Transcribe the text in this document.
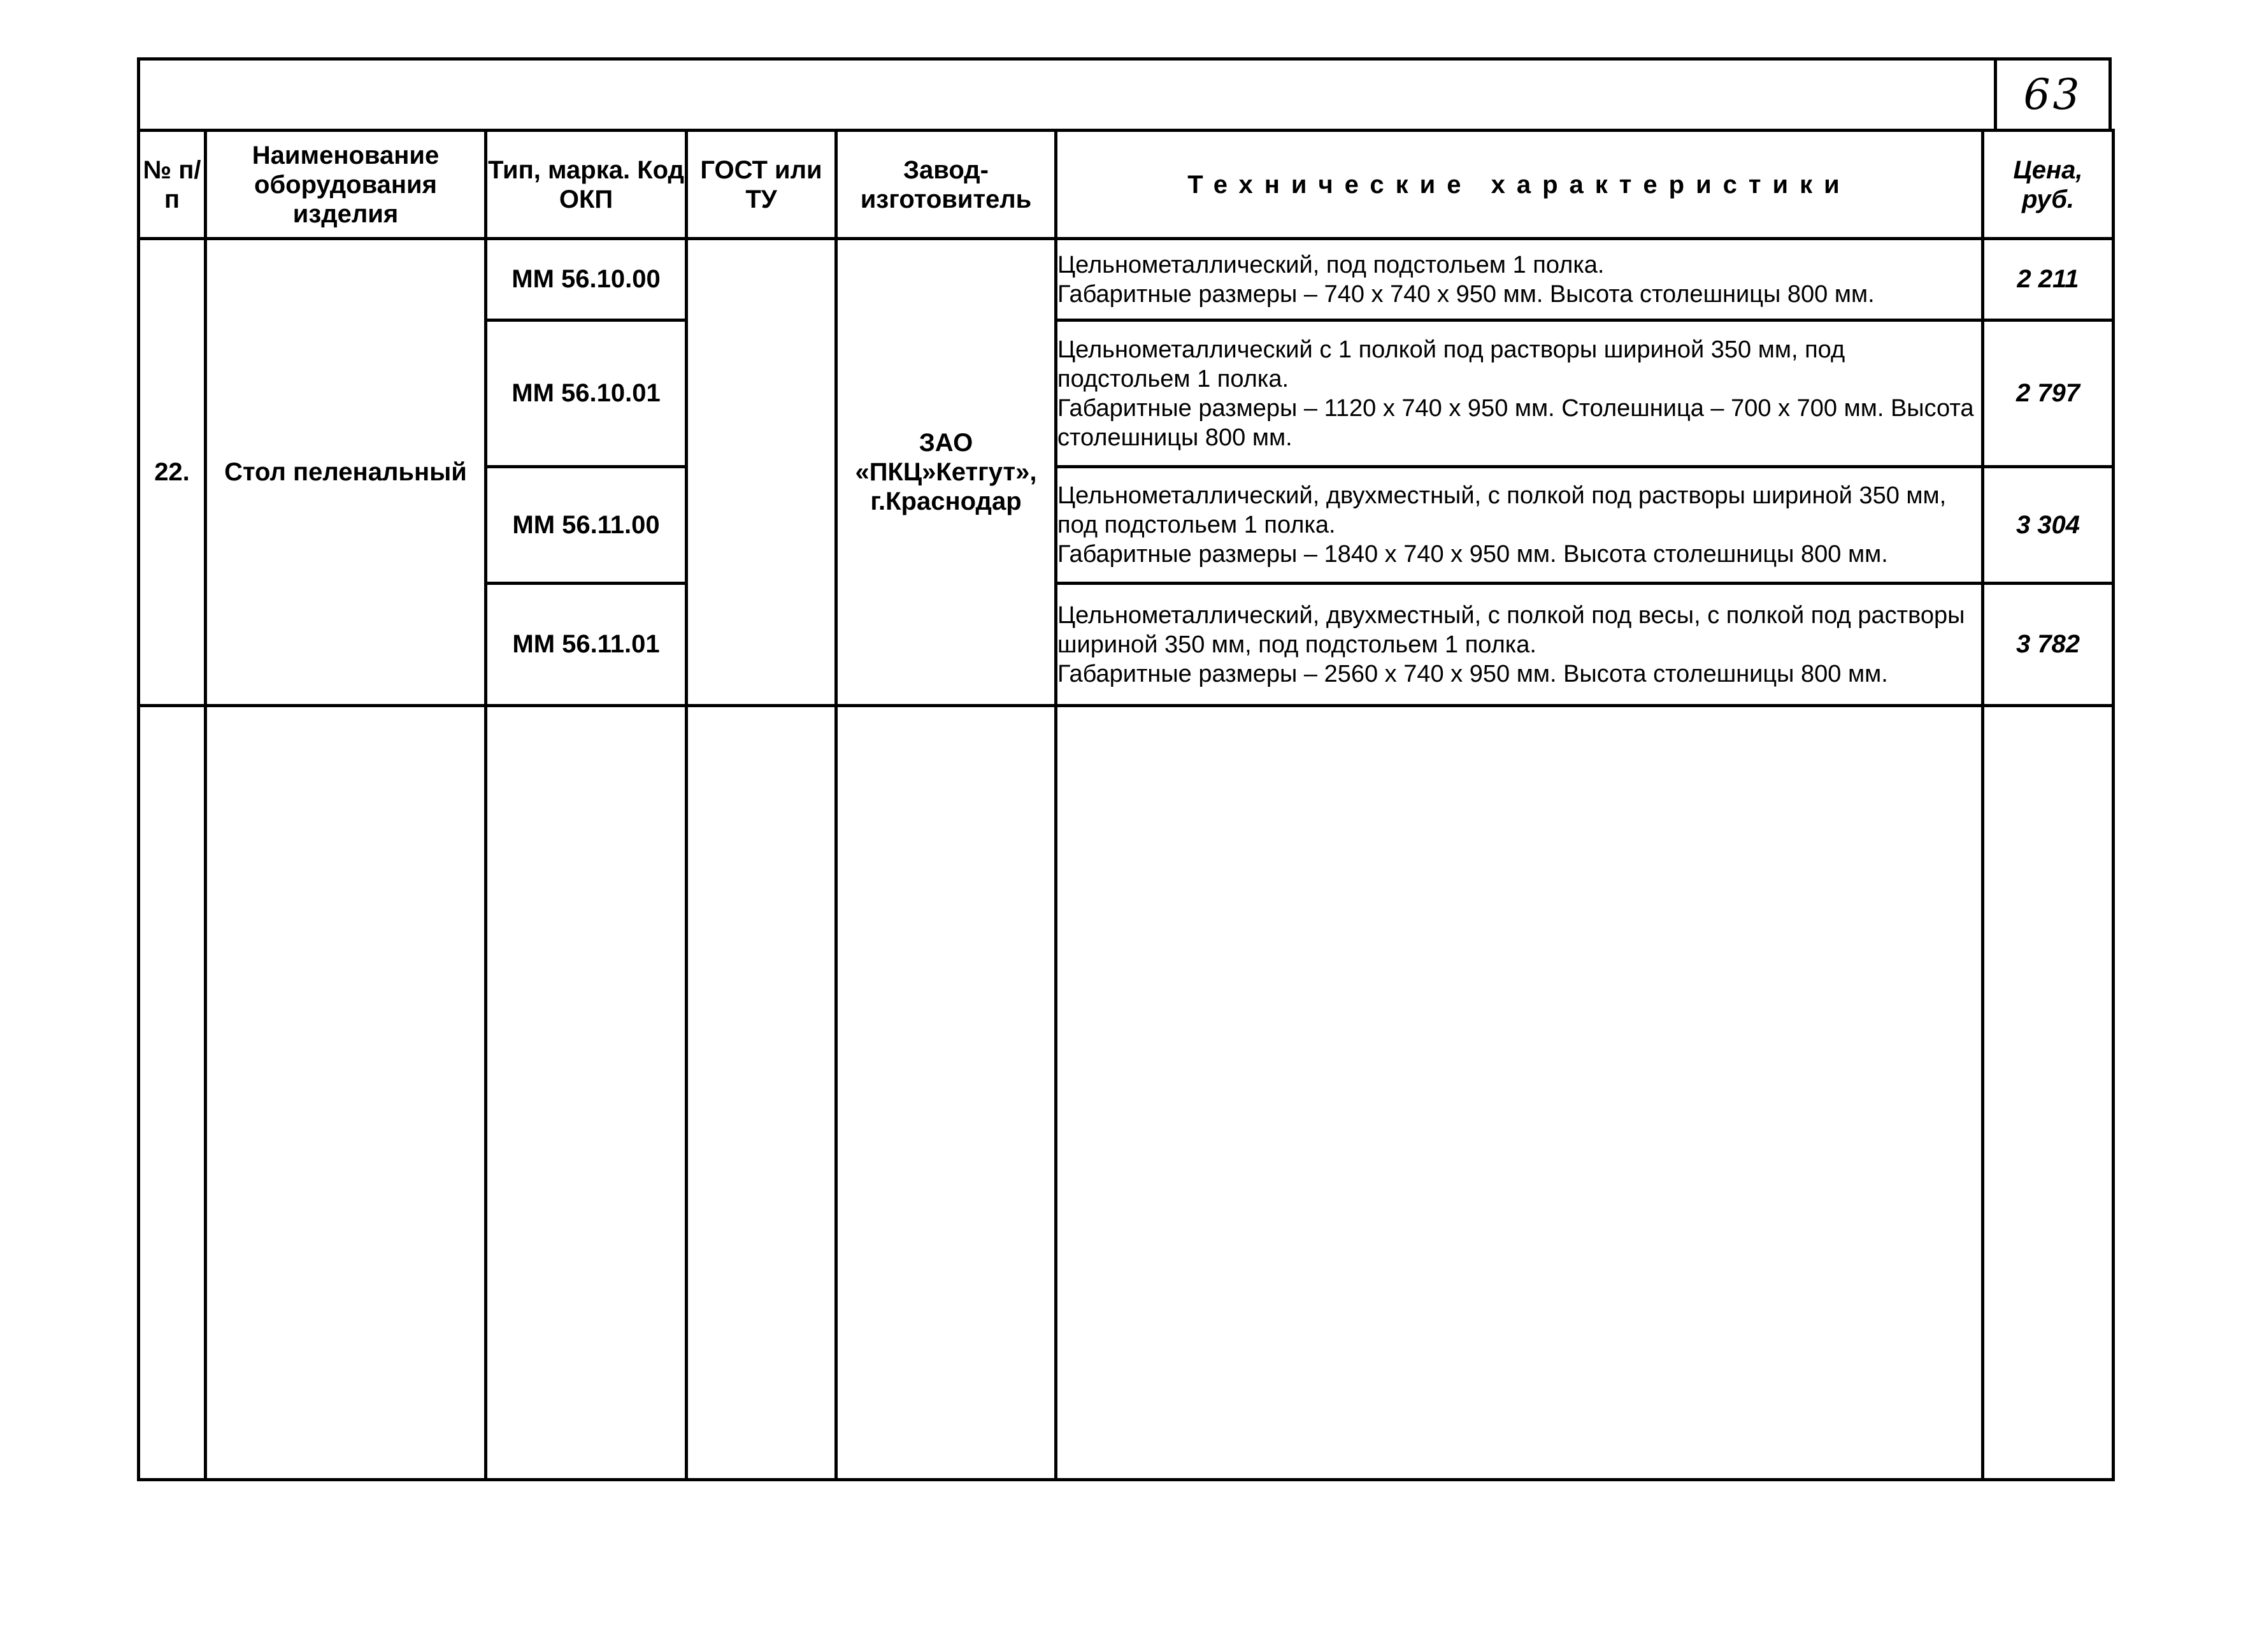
63
№ п/п	Наименование оборудования изделия	Тип, марка. Код ОКП	ГОСТ или ТУ	Завод-изготовитель	Технические характеристики	Цена, руб.
22.	Стол пеленальный	ММ 56.10.00		ЗАО «ПКЦ»Кетгут», г.Краснодар	Цельнометаллический, под подстольем 1 полка.
Габаритные размеры – 740 х 740 х 950 мм. Высота столешницы 800 мм.	2 211
		ММ 56.10.01			Цельнометаллический с 1 полкой под растворы шириной 350 мм, под подстольем 1 полка.
Габаритные размеры – 1120 х 740 х 950 мм. Столешница – 700 х 700 мм. Высота столешницы 800 мм.	2 797
		ММ 56.11.00			Цельнометаллический, двухместный, с полкой под растворы шириной 350 мм, под подстольем 1 полка.
Габаритные размеры – 1840 х 740 х 950 мм. Высота столешницы 800 мм.	3 304
		ММ 56.11.01			Цельнометаллический, двухместный, с полкой под весы, с полкой под растворы шириной 350 мм, под подстольем 1 полка.
Габаритные размеры – 2560 х 740 х 950 мм. Высота столешницы 800 мм.	3 782
